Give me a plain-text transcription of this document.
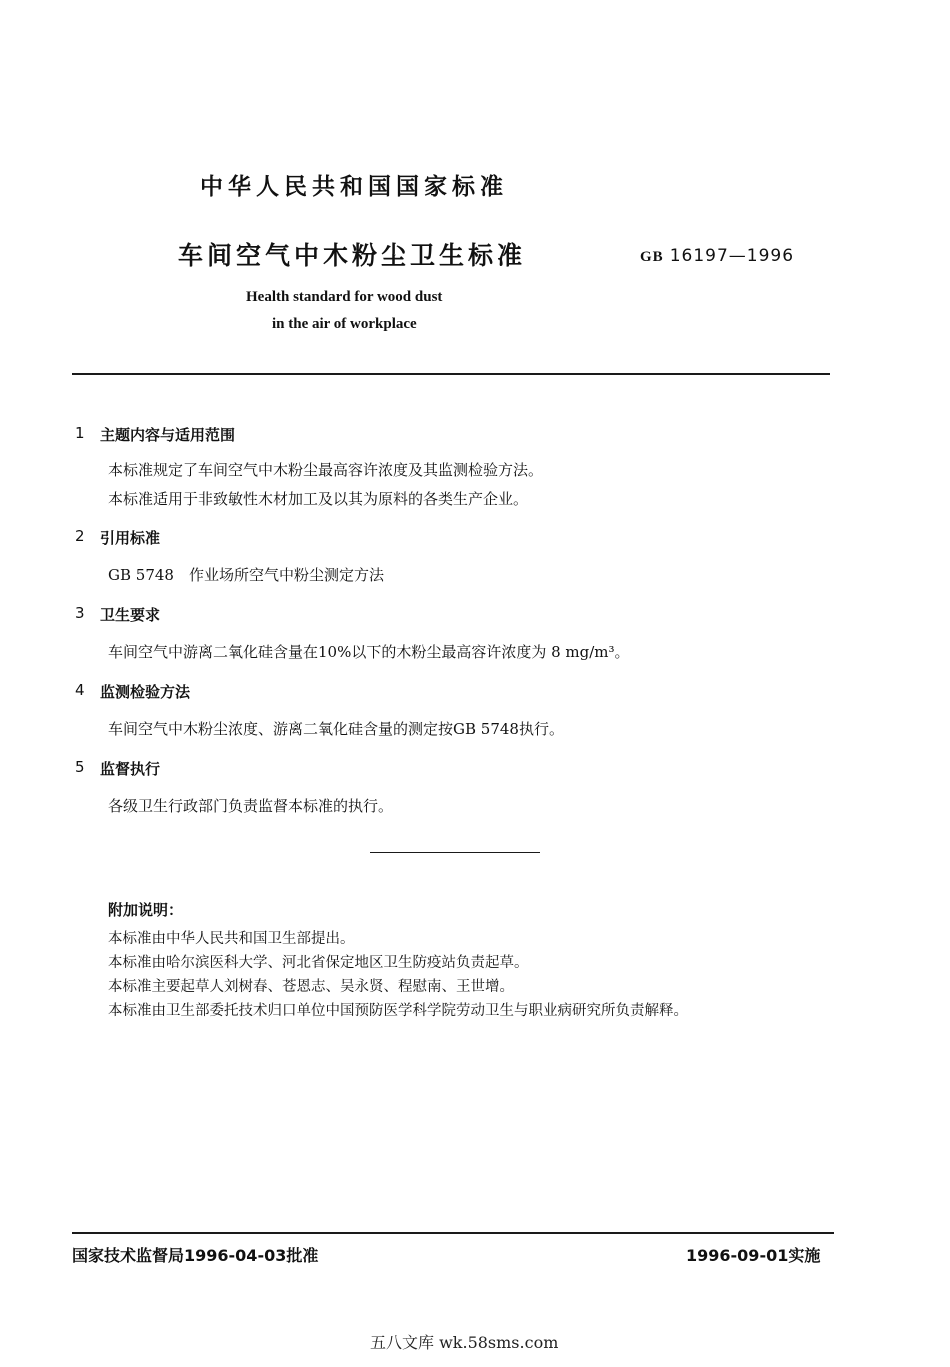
中华人民共和国国家标准
车间空气中木粉尘卫生标准	GB 16197—1996
Health standard for wood dust
in the air of workplace
1 主题内容与适用范围
本标准规定了车间空气中木粉尘最高容许浓度及其监测检验方法。
本标准适用于非致敏性木材加工及以其为原料的各类生产企业。
2 引用标准
GB 5748　作业场所空气中粉尘测定方法
3 卫生要求
车间空气中游离二氧化硅含量在10%以下的木粉尘最高容许浓度为 8 mg/m³。
4 监测检验方法
车间空气中木粉尘浓度、游离二氧化硅含量的测定按GB 5748执行。
5 监督执行
各级卫生行政部门负责监督本标准的执行。
附加说明：
本标准由中华人民共和国卫生部提出。
本标准由哈尔滨医科大学、河北省保定地区卫生防疫站负责起草。
本标准主要起草人刘树春、苍恩志、吴永贤、程慰南、王世增。
本标准由卫生部委托技术归口单位中国预防医学科学院劳动卫生与职业病研究所负责解释。
国家技术监督局1996-04-03批准	1996-09-01实施
五八文库 wk.58sms.com
